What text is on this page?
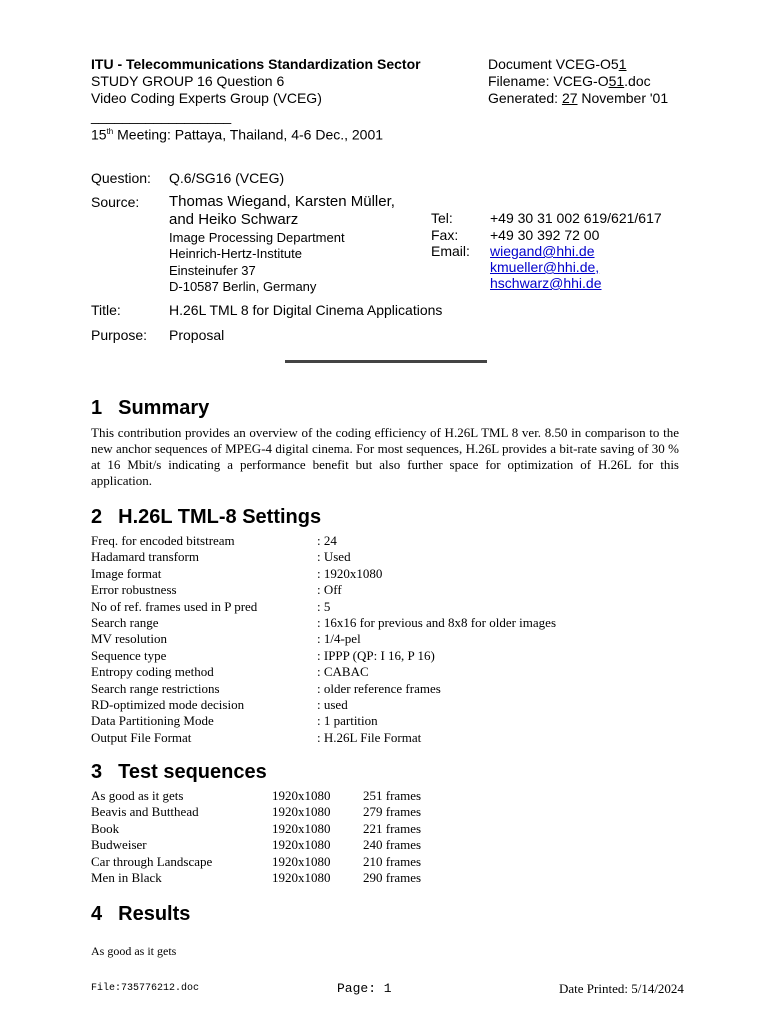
ITU - Telecommunications Standardization Sector
STUDY GROUP 16 Question 6
Video Coding Experts Group (VCEG)
Document VCEG-O51
Filename: VCEG-O51.doc
Generated: 27 November '01
__________________
15th Meeting: Pattaya, Thailand, 4-6 Dec., 2001
Question: Q.6/SG16 (VCEG)
Source: Thomas Wiegand, Karsten Müller,
and Heiko Schwarz
Image Processing Department
Heinrich-Hertz-Institute
Einsteinufer 37
D-10587 Berlin, Germany
Tel:	+49 30 31 002 619/621/617
Fax: +49 30 392 72 00
Email: wiegand@hhi.de
kmueller@hhi.de,
hschwarz@hhi.de
Title:	H.26L TML 8 for Digital Cinema Applications
Purpose: Proposal
1 Summary
This contribution provides an overview of the coding efficiency of H.26L TML 8 ver. 8.50 in comparison to the new anchor sequences of MPEG-4 digital cinema. For most sequences, H.26L provides a bit-rate saving of 30 % at 16 Mbit/s indicating a performance benefit but also further space for optimization of H.26L for this application.
2 H.26L TML-8 Settings
Freq. for encoded bitstream	: 24
Hadamard transform	: Used
Image format	: 1920x1080
Error robustness	: Off
No of ref. frames used in P pred	: 5
Search range	: 16x16 for previous and 8x8 for older images
MV resolution	: 1/4-pel
Sequence type	: IPPP (QP: I 16, P 16)
Entropy coding method	: CABAC
Search range restrictions	: older reference frames
RD-optimized mode decision	: used
Data Partitioning Mode	: 1 partition
Output File Format	: H.26L File Format
3 Test sequences
As good as it gets	1920x1080	251 frames
Beavis and Butthead	1920x1080	279 frames
Book	1920x1080	221 frames
Budweiser	1920x1080	240 frames
Car through Landscape	1920x1080	210 frames
Men in Black	1920x1080	290 frames
4 Results
As good as it gets
File:735776212.doc	Page: 1	Date Printed: 5/14/2024
